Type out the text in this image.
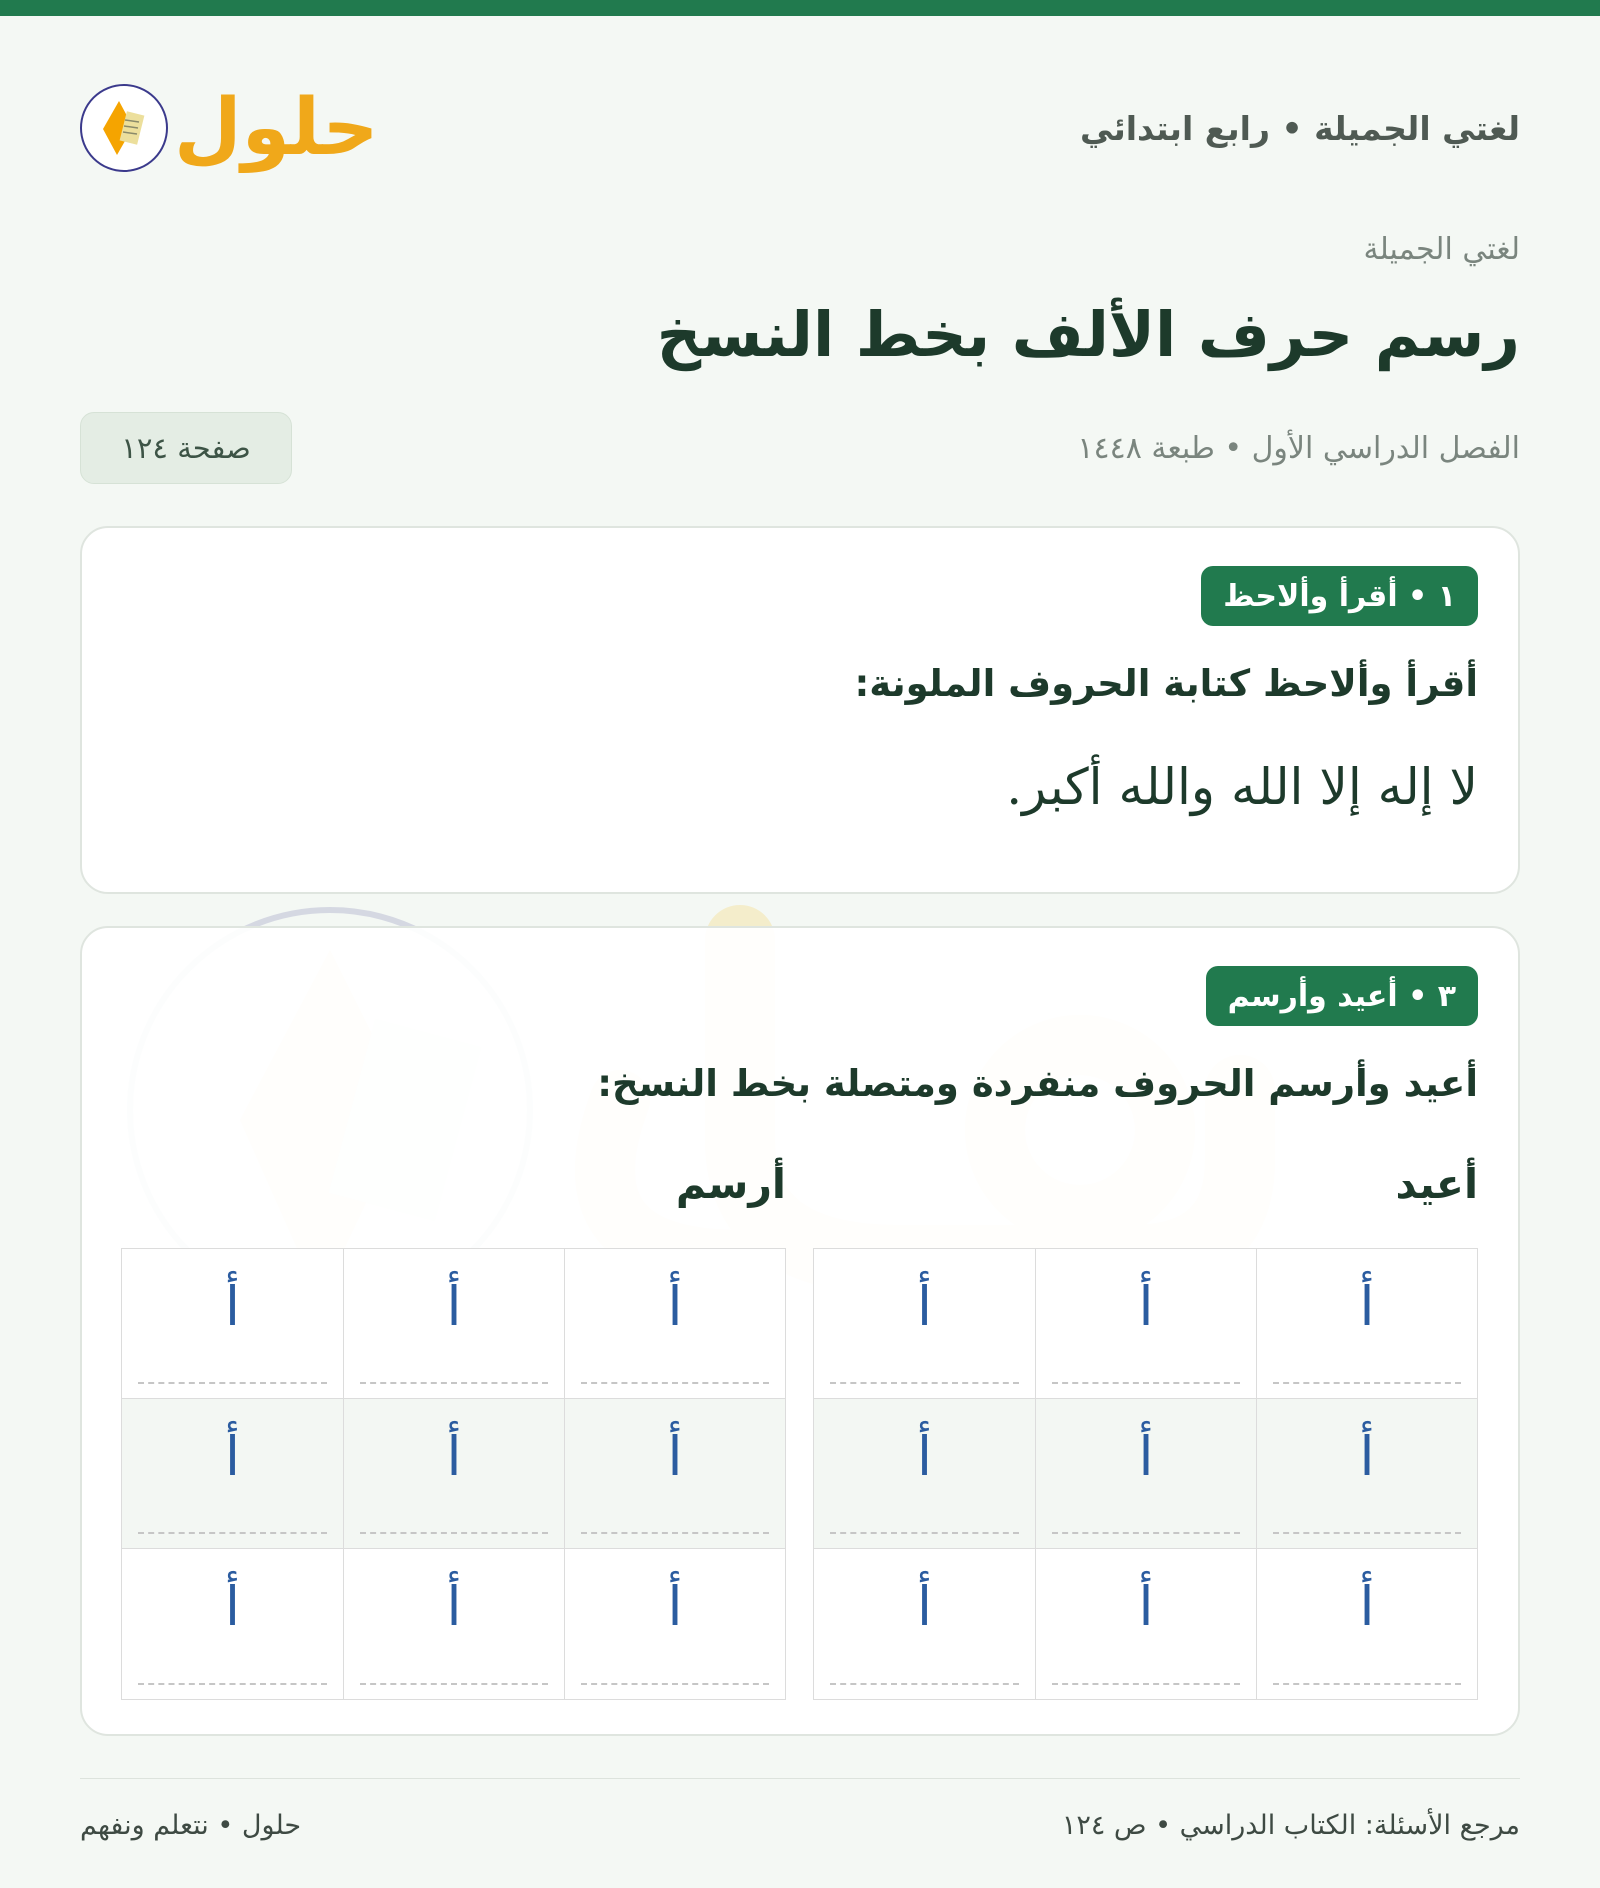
لغتي الجميلة • رابع ابتدائي
حلول
لغتي الجميلة
رسم حرف الألف بخط النسخ
الفصل الدراسي الأول • طبعة ١٤٤٨
صفحة ١٢٤
١ • أقرأ وألاحظ
أقرأ وألاحظ كتابة الحروف الملونة:
لا إله إلا الله والله أكبر.
٣ • أعيد وأرسم
أعيد وأرسم الحروف منفردة ومتصلة بخط النسخ:
أعيد
أرسم
أ
أ
أ
أ
أ
أ
أ
أ
أ
أ
أ
أ
أ
أ
أ
أ
أ
أ
مرجع الأسئلة: الكتاب الدراسي • ص ١٢٤
حلول • نتعلم ونفهم
